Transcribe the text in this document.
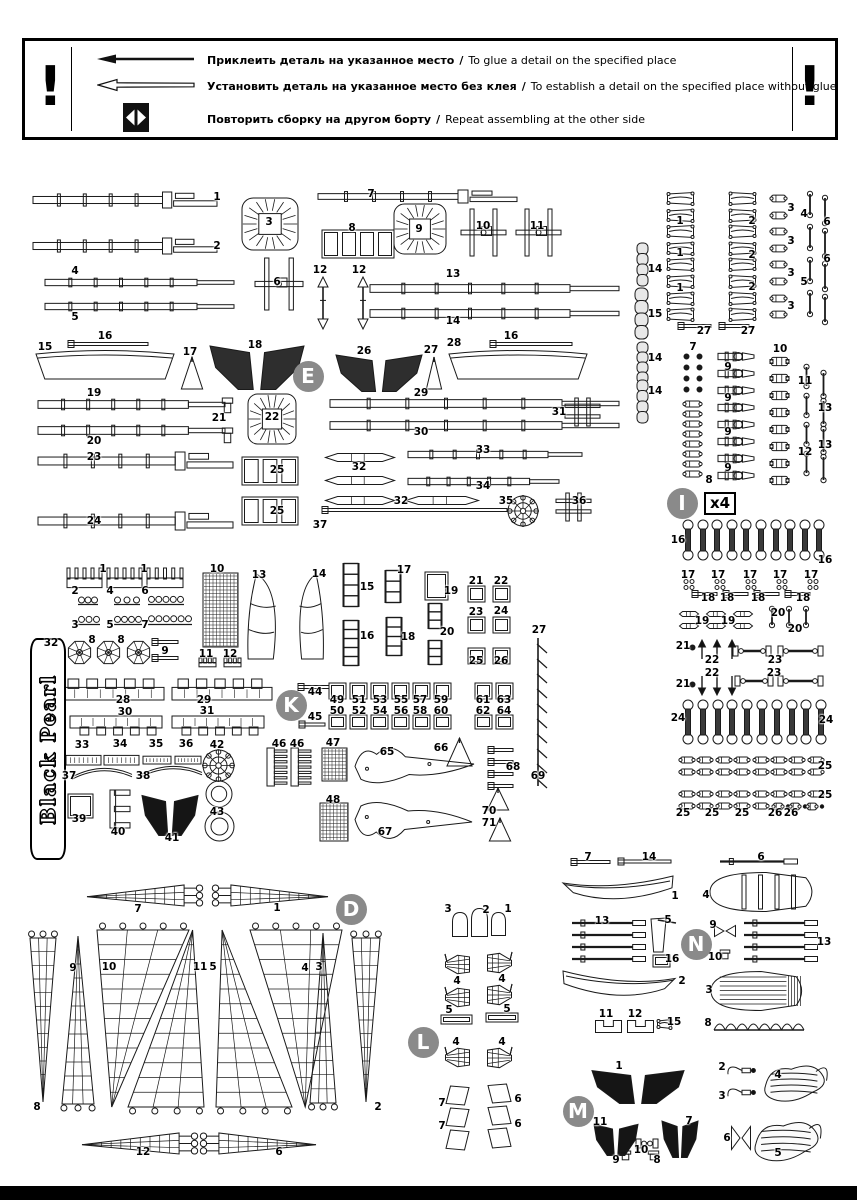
!	!
Приклеить деталь на указанное место / To glue a detail on the specified place
Установить деталь на указанное место без клея / To establish a detail on the specified place without glue
Повторить сборку на другом борту / Repeat assembling at the other side
Black Pearl
1
2
3
4
5
6
7
8	9	10	11
12 12	13
14
15
16
17
18
16
26	27
28
19
20
21	22
23
24
25
25
29
30
31
32
33
34
32	35	36
37
E
14
15
14
14
1	2
1	2
1	2
27	27
3
3
3
3
4
6
6
5
7
9
9
9
9
10
11
13
13
12
8
16
16
17 17 17 17 17
18 18 18	18
19 19
20
20
21
22	23
22	23
21
24	24
25
25
25 25 25 26 26
I	x4
32
1	1
2	4	6
3	5	7
8 8
9
10
11 12
13	14
15
17
19
16	18 20
21 22
23 24
25 26
27
44
45
28	29
30	31
33 34 35 36 42	46 46
37	38
39
40	41
43
47
65	66
68
69
48
67
70
71
49 51 53 55 57 59	61 63
50 52 54 56 58 60	62 64
K
7	1
8
9 10	11 5	4 3
2
12	6
D	3	2 1
4	4
5	5
4	4
7	6
7	6
L
7	14	6
1 4
13	5	9
13
10
16
2
3
11 12
15 8
N
1	2
4
3
11	7
6
5
10
9	8
M
